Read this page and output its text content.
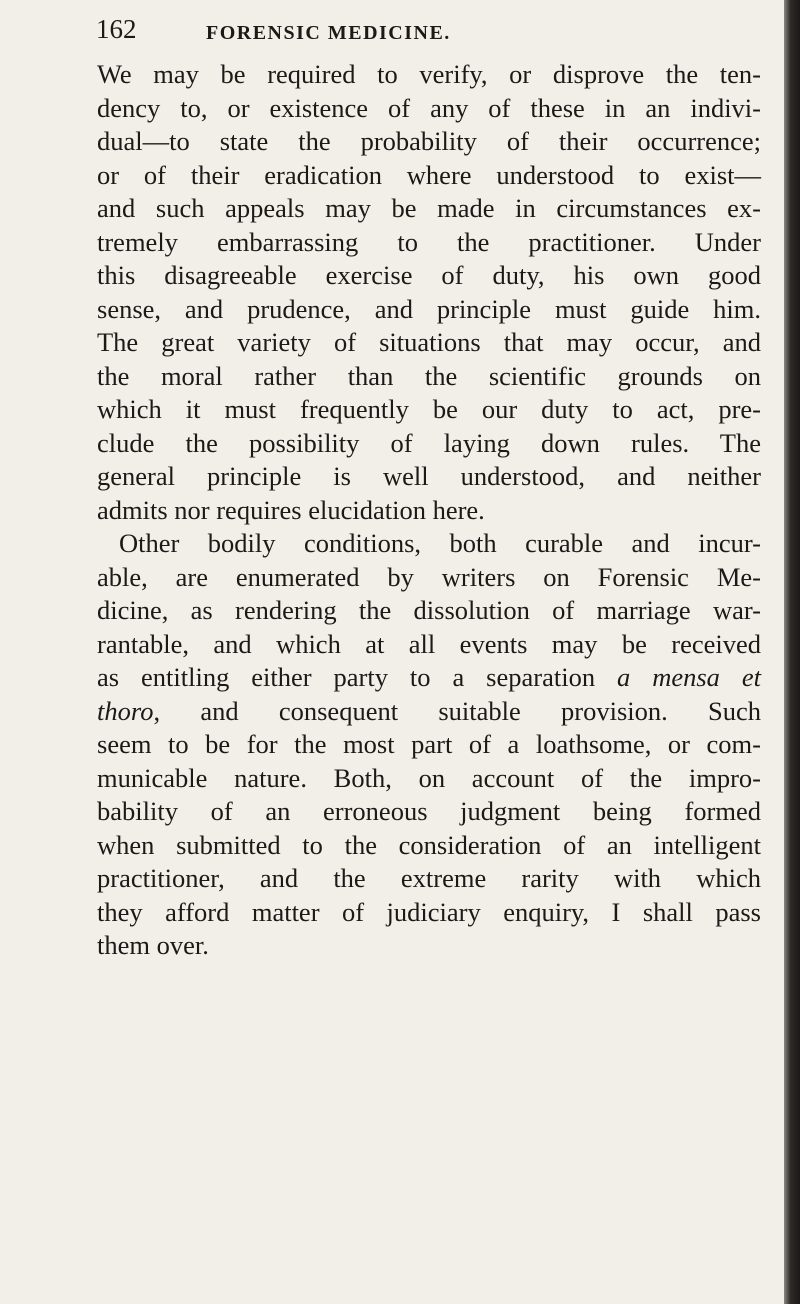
162	FORENSIC MEDICINE.
We may be required to verify, or disprove the ten-
dency to, or existence of any of these in an indivi-
dual—to state the probability of their occurrence;
or of their eradication where understood to exist—
and such appeals may be made in circumstances ex-
tremely embarrassing to the practitioner. Under
this disagreeable exercise of duty, his own good
sense, and prudence, and principle must guide him.
The great variety of situations that may occur, and
the moral rather than the scientific grounds on
which it must frequently be our duty to act, pre-
clude the possibility of laying down rules. The
general principle is well understood, and neither
admits nor requires elucidation here.
Other bodily conditions, both curable and incur-
able, are enumerated by writers on Forensic Me-
dicine, as rendering the dissolution of marriage war-
rantable, and which at all events may be received
as entitling either party to a separation a mensa et
thoro, and consequent suitable provision. Such
seem to be for the most part of a loathsome, or com-
municable nature. Both, on account of the impro-
bability of an erroneous judgment being formed
when submitted to the consideration of an intelligent
practitioner, and the extreme rarity with which
they afford matter of judiciary enquiry, I shall pass
them over.
